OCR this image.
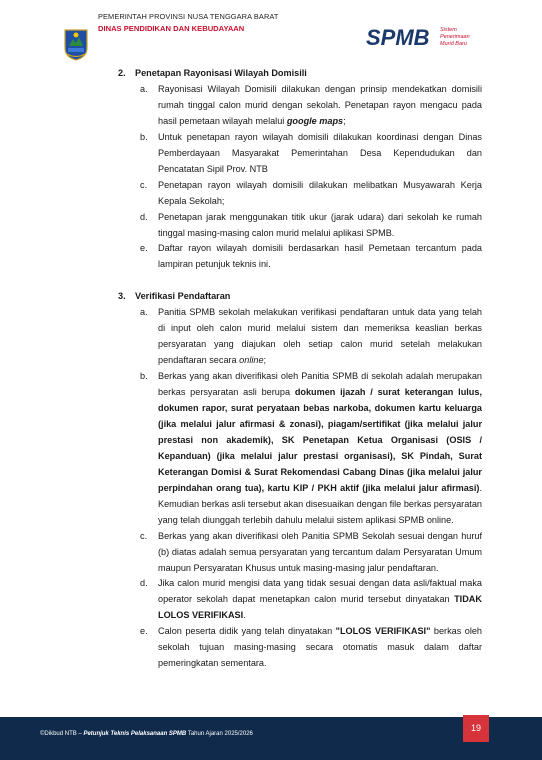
PEMERINTAH PROVINSI NUSA TENGGARA BARAT
DINAS PENDIDIKAN DAN KEBUDAYAAN	SPMB Sistem
Penerimaan
Murid Baru
2.	Penetapan Rayonisasi Wilayah Domisili
a.	Rayonisasi Wilayah Domisili dilakukan dengan prinsip mendekatkan domisili rumah tinggal calon murid dengan sekolah. Penetapan rayon mengacu pada hasil pemetaan wilayah melalui google maps;
b.	Untuk penetapan rayon wilayah domisili dilakukan koordinasi dengan Dinas Pemberdayaan Masyarakat Pemerintahan Desa Kependudukan dan Pencatatan Sipil Prov. NTB
c.	Penetapan rayon wilayah domisili dilakukan melibatkan Musyawarah Kerja Kepala Sekolah;
d.	Penetapan jarak menggunakan titik ukur (jarak udara) dari sekolah ke rumah tinggal masing-masing calon murid melalui aplikasi SPMB.
e.	Daftar rayon wilayah domisili berdasarkan hasil Pemetaan tercantum pada lampiran petunjuk teknis ini.
3.	Verifikasi Pendaftaran
a.	Panitia SPMB sekolah melakukan verifikasi pendaftaran untuk data yang telah di input oleh calon murid melalui sistem dan memeriksa keaslian berkas persyaratan yang diajukan oleh setiap calon murid setelah melakukan pendaftaran secara online;
b.	Berkas yang akan diverifikasi oleh Panitia SPMB di sekolah adalah merupakan berkas persyaratan asli berupa dokumen ijazah / surat keterangan lulus, dokumen rapor, surat peryataan bebas narkoba, dokumen kartu keluarga (jika melalui jalur afirmasi & zonasi), piagam/sertifikat (jika melalui jalur prestasi non akademik), SK Penetapan Ketua Organisasi (OSIS / Kepanduan) (jika melalui jalur prestasi organisasi), SK Pindah, Surat Keterangan Domisi & Surat Rekomendasi Cabang Dinas (jika melalui jalur perpindahan orang tua), kartu KIP / PKH aktif (jika melalui jalur afirmasi). Kemudian berkas asli tersebut akan disesuaikan dengan file berkas persyaratan yang telah diunggah terlebih dahulu melalui sistem aplikasi SPMB online.
c.	Berkas yang akan diverifikasi oleh Panitia SPMB Sekolah sesuai dengan huruf (b) diatas adalah semua persyaratan yang tercantum dalam Persyaratan Umum maupun Persyaratan Khusus untuk masing-masing jalur pendaftaran.
d.	Jika calon murid mengisi data yang tidak sesuai dengan data asli/faktual maka operator sekolah dapat menetapkan calon murid tersebut dinyatakan TIDAK LOLOS VERIFIKASI.
e.	Calon peserta didik yang telah dinyatakan "LOLOS VERIFIKASI" berkas oleh sekolah tujuan masing-masing secara otomatis masuk dalam daftar pemeringkatan sementara.
©Dikbud NTB – Petunjuk Teknis Pelaksanaan SPMB Tahun Ajaran 2025/2026
19
